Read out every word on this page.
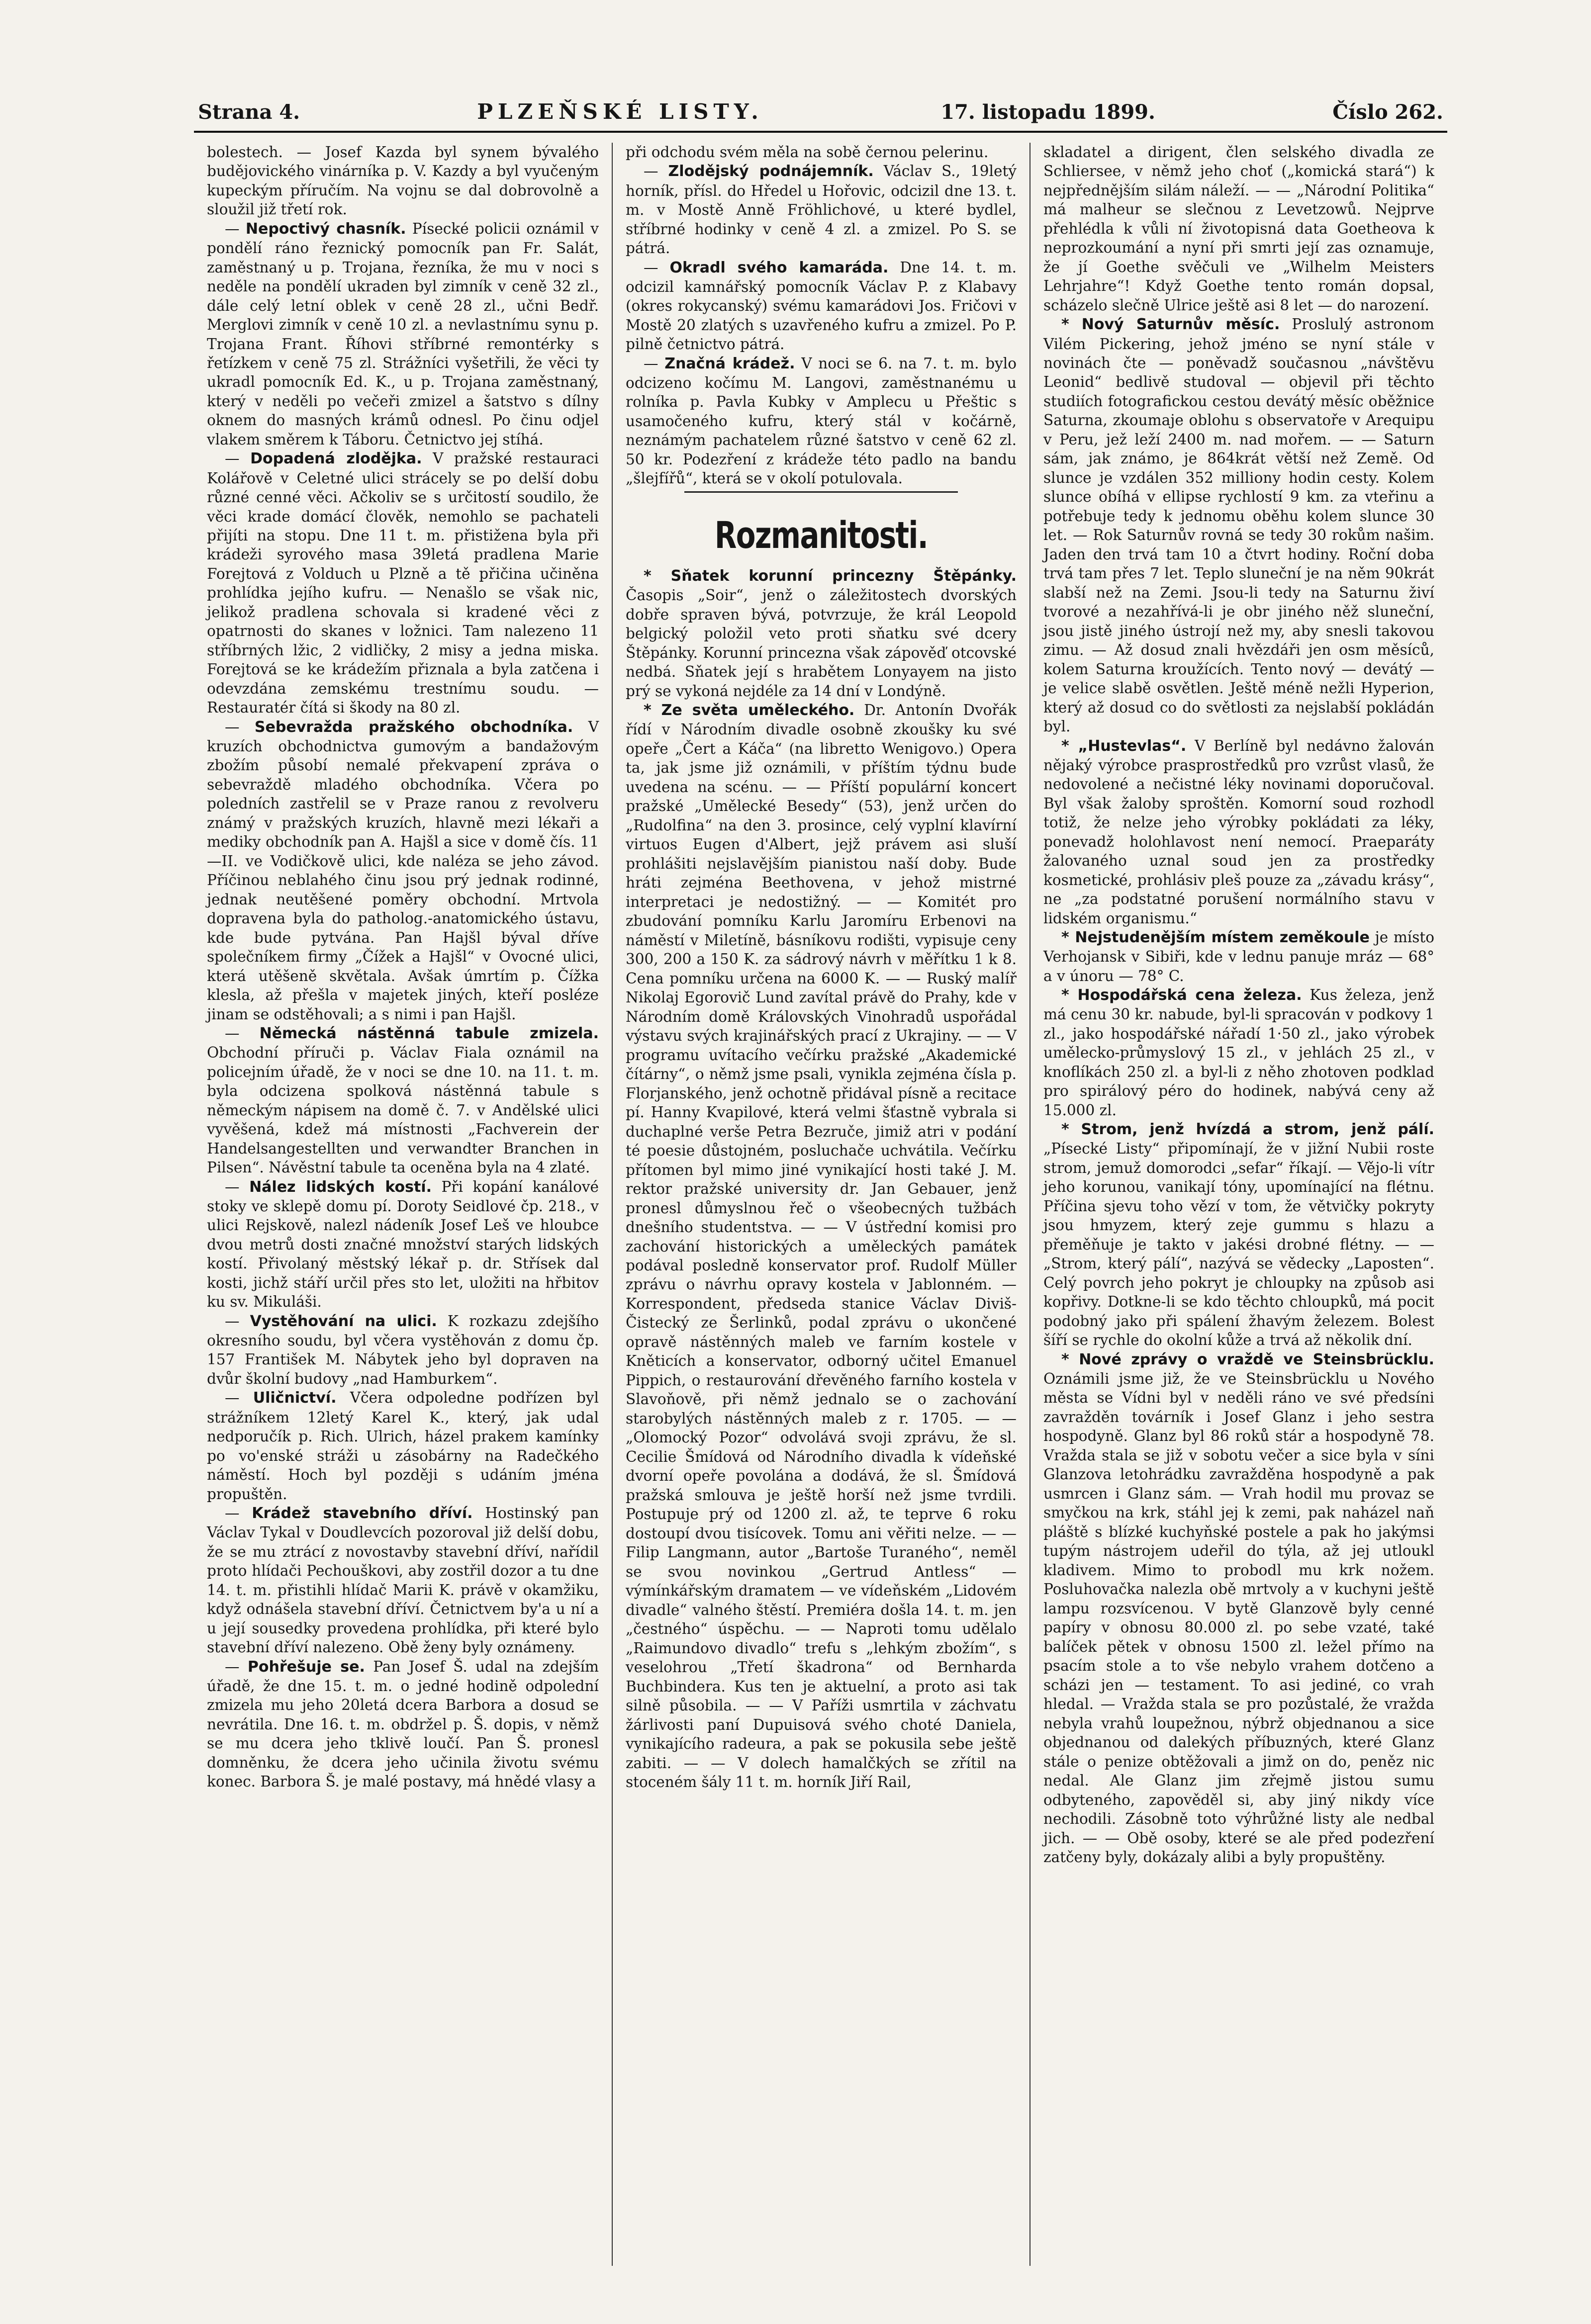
Strana 4.	PLZEŇSKÉ LISTY.	17. listopadu 1899.	Číslo 262.

bolestech. — Josef Kazda byl synem bývalého budějovického vinárníka p. V. Kazdy a byl vyučeným kupeckým příručím. Na vojnu se dal dobrovolně a sloužil již třetí rok.

— Nepoctivý chasník. Písecké policii oznámil v pondělí ráno řeznický pomocník pan Fr. Salát, zaměstnaný u p. Trojana, řezníka, že mu v noci s neděle na pondělí ukraden byl zimník v ceně 32 zl., dále celý letní oblek v ceně 28 zl., učni Bedř. Merglovi zimník v ceně 10 zl. a nevlastnímu synu p. Trojana Frant. Říhovi stříbrné remontérky s řetízkem v ceně 75 zl. Strážníci vyšetřili, že věci ty ukradl pomocník Ed. K., u p. Trojana zaměstnaný, který v neděli po večeři zmizel a šatstvo s dílny oknem do masných krámů odnesl. Po činu odjel vlakem směrem k Táboru. Četnictvo jej stíhá.

— Dopadená zlodějka. V pražské restauraci Kolářově v Celetné ulici strácely se po delší dobu různé cenné věci. Ačkoliv se s určitostí soudilo, že věci krade domácí člověk, nemohlo se pachateli přijíti na stopu. Dne 11 t. m. přistižena byla při krádeži syrového masa 39letá pradlena Marie Forejtová z Volduch u Plzně a tě přičina učiněna prohlídka jejího kufru. — Nenašlo se však nic, jelikož pradlena schovala si kradené věci z opatrnosti do skanes v ložnici. Tam nalezeno 11 stříbrných lžic, 2 vidličky, 2 misy a jedna miska. Forejtová se ke krádežím přiznala a byla zatčena i odevzdána zemskému trestnímu soudu. — Restauratér čítá si škody na 80 zl.

— Sebevražda pražského obchodníka. V kruzích obchodnictva gumovým a bandažovým zbožím působí nemalé překvapení zpráva o sebevraždě mladého obchodníka. Včera po poledních zastřelil se v Praze ranou z revolveru známý v pražských kruzích, hlavně mezi lékaři a mediky obchodník pan A. Hajšl a sice v domě čís. 11—II. ve Vodičkově ulici, kde naléza se jeho závod. Příčinou neblahého činu jsou prý jednak rodinné, jednak neutěšené poměry obchodní. Mrtvola dopravena byla do patholog.-anatomického ústavu, kde bude pytvána. Pan Hajšl býval dříve společníkem firmy „Čížek a Hajšl“ v Ovocné ulici, která utěšeně skvětala. Avšak úmrtím p. Čížka klesla, až přešla v majetek jiných, kteří posléze jinam se odstěhovali; a s nimi i pan Hajšl.

— Německá nástěnná tabule zmizela. Obchodní příruči p. Václav Fiala oznámil na policejním úřadě, že v noci se dne 10. na 11. t. m. byla odcizena spolková nástěnná tabule s německým nápisem na domě č. 7. v Andělské ulici vyvěšená, kdež má místnosti „Fachverein der Handelsangestellten und verwandter Branchen in Pilsen“. Návěstní tabule ta oceněna byla na 4 zlaté.

— Nález lidských kostí. Při kopání kanálové stoky ve sklepě domu pí. Doroty Seidlové čp. 218., v ulici Rejskově, nalezl nádeník Josef Leš ve hloubce dvou metrů dosti značné množství starých lidských kostí. Přivolaný městský lékař p. dr. Střísek dal kosti, jichž stáří určil přes sto let, uložiti na hřbitov ku sv. Mikuláši.

— Vystěhování na ulici. K rozkazu zdejšího okresního soudu, byl včera vystěhován z domu čp. 157 František M. Nábytek jeho byl dopraven na dvůr školní budovy „nad Hamburkem“.

— Uličnictví. Včera odpoledne podřízen byl strážníkem 12letý Karel K., který, jak udal nedporučík p. Rich. Ulrich, házel prakem kamínky po vo'enské stráži u zásobárny na Radečkého náměstí. Hoch byl později s udáním jména propuštěn.

— Krádež stavebního dříví. Hostinský pan Václav Tykal v Doudlevcích pozoroval již delší dobu, že se mu ztrácí z novostavby stavební dříví, nařídil proto hlídači Pechouškovi, aby zostřil dozor a tu dne 14. t. m. přistihli hlídač Marii K. právě v okamžiku, když odnášela stavební dříví. Četnictvem by'a u ní a u její sousedky provedena prohlídka, při které bylo stavební dříví nalezeno. Obě ženy byly oznámeny.

— Pohřešuje se. Pan Josef Š. udal na zdejším úřadě, že dne 15. t. m. o jedné hodině odpolední zmizela mu jeho 20letá dcera Barbora a dosud se nevrátila. Dne 16. t. m. obdržel p. Š. dopis, v němž se mu dcera jeho tklivě loučí. Pan Š. pronesl domněnku, že dcera jeho učinila životu svému konec. Barbora Š. je malé postavy, má hnědé vlasy a

při odchodu svém měla na sobě černou pelerinu.

— Zlodějský podnájemník. Václav S., 19letý horník, přísl. do Hředel u Hořovic, odcizil dne 13. t. m. v Mostě Anně Fröhlichové, u které bydlel, stříbrné hodinky v ceně 4 zl. a zmizel. Po S. se pátrá.

— Okradl svého kamaráda. Dne 14. t. m. odcizil kamnářský pomocník Václav P. z Klabavy (okres rokycanský) svému kamarádovi Jos. Fričovi v Mostě 20 zlatých s uzavřeného kufru a zmizel. Po P. pilně četnictvo pátrá.

— Značná krádež. V noci se 6. na 7. t. m. bylo odcizeno kočímu M. Langovi, zaměstnanému u rolníka p. Pavla Kubky v Amplecu u Přeštic s usamočeného kufru, který stál v kočárně, neznámým pachatelem různé šatstvo v ceně 62 zl. 50 kr. Podezření z krádeže této padlo na bandu „šlejfířů“, která se v okolí potulovala.

Rozmanitosti.

* Sňatek korunní princezny Štěpánky. Časopis „Soir“, jenž o záležitostech dvorských dobře spraven bývá, potvrzuje, že král Leopold belgický položil veto proti sňatku své dcery Štěpánky. Korunní princezna však zápověď otcovské nedbá. Sňatek její s hrabětem Lonyayem na jisto prý se vykoná nejdéle za 14 dní v Londýně.

* Ze světa uměleckého. Dr. Antonín Dvořák řídí v Národním divadle osobně zkoušky ku své opeře „Čert a Káča“ (na libretto Wenigovo.) Opera ta, jak jsme již oznámili, v příštím týdnu bude uvedena na scénu. — — Příští populární koncert pražské „Umělecké Besedy“ (53), jenž určen do „Rudolfina“ na den 3. prosince, celý vyplní klavírní virtuos Eugen d'Albert, jejž právem asi sluší prohlášiti nejslavějším pianistou naší doby. Bude hráti zejména Beethovena, v jehož mistrné interpretaci je nedostižný. — — Komitét pro zbudování pomníku Karlu Jaromíru Erbenovi na náměstí v Miletíně, básníkovu rodišti, vypisuje ceny 300, 200 a 150 K. za sádrový návrh v měřítku 1 k 8. Cena pomníku určena na 6000 K. — — Ruský malíř Nikolaj Egorovič Lund zavítal právě do Prahy, kde v Národním domě Královských Vinohradů uspořádal výstavu svých krajinářských prací z Ukrajiny. — — V programu uvítacího večírku pražské „Akademické čítárny“, o němž jsme psali, vynikla zejména čísla p. Florjanského, jenž ochotně přidával písně a recitace pí. Hanny Kvapilové, která velmi šťastně vybrala si duchaplné verše Petra Bezruče, jimiž atri v podání té poesie důstojném, posluchače uchvátila. Večírku přítomen byl mimo jiné vynikající hosti také J. M. rektor pražské university dr. Jan Gebauer, jenž pronesl důmyslnou řeč o všeobecných tužbách dnešního studentstva. — — V ústřední komisi pro zachování historických a uměleckých památek podával posledně konservator prof. Rudolf Müller zprávu o návrhu opravy kostela v Jablonném. — Korrespondent, předseda stanice Václav Diviš-Čistecký ze Šerlinků, podal zprávu o ukončené opravě nástěnných maleb ve farním kostele v Kněticích a konservator, odborný učitel Emanuel Pippich, o restaurování dřevěného farního kostela v Slavoňově, při němž jednalo se o zachování starobylých nástěnných maleb z r. 1705. — — „Olomocký Pozor“ odvolává svoji zprávu, že sl. Cecilie Šmídová od Národního divadla k vídeňské dvorní opeře povolána a dodává, že sl. Šmídová pražská smlouva je ještě horší než jsme tvrdili. Postupuje prý od 1200 zl. až, te teprve 6 roku dostoupí dvou tisícovek. Tomu ani věřiti nelze. — — Filip Langmann, autor „Bartoše Turaného“, neměl se svou novinkou „Gertrud Antless“ — výmínkářským dramatem — ve vídeňském „Lidovém divadle“ valného štěstí. Premiéra došla 14. t. m. jen „čestného“ úspěchu. — — Naproti tomu udělalo „Raimundovo divadlo“ trefu s „lehkým zbožím“, s veselohrou „Třetí škadrona“ od Bernharda Buchbindera. Kus ten je aktuelní, a proto asi tak silně působila. — — V Paříži usmrtila v záchvatu žárlivosti paní Dupuisová svého choté Daniela, vynikajícího radeura, a pak se pokusila sebe ještě zabiti. — — V dolech hamalčkých se zřítil na stoceném šály 11 t. m. horník Jiří Rail,

skladatel a dirigent, člen selského divadla ze Schliersee, v němž jeho choť („komická stará“) k nejpřednějším silám náleží. — — „Národní Politika“ má malheur se slečnou z Levetzowů. Nejprve přehlédla k vůli ní životopisná data Goetheova k neprozkoumání a nyní při smrti její zas oznamuje, že jí Goethe svěčuli ve „Wilhelm Meisters Lehrjahre“! Když Goethe tento román dopsal, scházelo slečně Ulrice ještě asi 8 let — do narození.

* Nový Saturnův měsíc. Proslulý astronom Vilém Pickering, jehož jméno se nyní stále v novinách čte — poněvadž současnou „návštěvu Leonid“ bedlivě studoval — objevil při těchto studiích fotografickou cestou devátý měsíc oběžnice Saturna, zkoumaje oblohu s observatoře v Arequipu v Peru, jež leží 2400 m. nad mořem. — — Saturn sám, jak známo, je 864krát větší než Země. Od slunce je vzdálen 352 milliony hodin cesty. Kolem slunce obíhá v ellipse rychlostí 9 km. za vteřinu a potřebuje tedy k jednomu oběhu kolem slunce 30 let. — Rok Saturnův rovná se tedy 30 rokům našim. Jaden den trvá tam 10 a čtvrt hodiny. Roční doba trvá tam přes 7 let. Teplo sluneční je na něm 90krát slabší než na Zemi. Jsou-li tedy na Saturnu živí tvorové a nezahřívá-li je obr jiného něž sluneční, jsou jistě jiného ústrojí než my, aby snesli takovou zimu. — Až dosud znali hvězdáři jen osm měsíců, kolem Saturna kroužících. Tento nový — devátý — je velice slabě osvětlen. Ještě méně nežli Hyperion, který až dosud co do světlosti za nejslabší pokládán byl.

* „Hustevlas“. V Berlíně byl nedávno žalován nějaký výrobce prasprostředků pro vzrůst vlasů, že nedovolené a nečistné léky novinami doporučoval. Byl však žaloby sproštěn. Komorní soud rozhodl totiž, že nelze jeho výrobky pokládati za léky, ponevadž holohlavost není nemocí. Praeparáty žalovaného uznal soud jen za prostředky kosmetické, prohlásiv pleš pouze za „závadu krásy“, ne „za podstatné porušení normálního stavu v lidském organismu.“

* Nejstudenějším místem zeměkoule je místo Verhojansk v Sibiři, kde v lednu panuje mráz — 68° a v únoru — 78° C.

* Hospodářská cena železa. Kus železa, jenž má cenu 30 kr. nabude, byl-li spracován v podkovy 1 zl., jako hospodářské nářadí 1·50 zl., jako výrobek umělecko-průmyslový 15 zl., v jehlách 25 zl., v knoflíkách 250 zl. a byl-li z něho zhotoven podklad pro spirálový péro do hodinek, nabývá ceny až 15.000 zl.

* Strom, jenž hvízdá a strom, jenž pálí. „Písecké Listy“ připomínají, že v jižní Nubii roste strom, jemuž domorodci „sefar“ říkají. — Vějo-li vítr jeho korunou, vanikají tóny, upomínající na flétnu. Příčina sjevu toho vězí v tom, že větvičky pokryty jsou hmyzem, který zeje gummu s hlazu a přeměňuje je takto v jakési drobné flétny. — — „Strom, který pálí“, nazývá se vědecky „Laposten“. Celý povrch jeho pokryt je chloupky na způsob asi kopřivy. Dotkne-li se kdo těchto chloupků, má pocit podobný jako při spálení žhavým železem. Bolest šíří se rychle do okolní kůže a trvá až několik dní.

* Nové zprávy o vraždě ve Steinsbrücklu. Oznámili jsme již, že ve Steinsbrücklu u Nového města se Vídni byl v neděli ráno ve své předsíni zavražděn továrník i Josef Glanz i jeho sestra hospodyně. Glanz byl 86 roků stár a hospodyně 78. Vražda stala se již v sobotu večer a sice byla v síni Glanzova letohrádku zavražděna hospodyně a pak usmrcen i Glanz sám. — Vrah hodil mu provaz se smyčkou na krk, stáhl jej k zemi, pak naházel naň pláště s blízké kuchyňské postele a pak ho jakýmsi tupým nástrojem udeřil do týla, až jej utloukl kladivem. Mimo to probodl mu krk nožem. Posluhovačka nalezla obě mrtvoly a v kuchyni ještě lampu rozsvícenou. V bytě Glanzově byly cenné papíry v obnosu 80.000 zl. po sebe vzaté, také balíček pětek v obnosu 1500 zl. ležel přímo na psacím stole a to vše nebylo vrahem dotčeno a scházi jen — testament. To asi jediné, co vrah hledal. — Vražda stala se pro pozůstalé, že vražda nebyla vrahů loupežnou, nýbrž objednanou a sice objednanou od dalekých příbuzných, které Glanz stále o penize obtěžovali a jimž on do, peněz nic nedal. Ale Glanz jim zřejmě jistou sumu odbyteného, zapověděl si, aby jiný nikdy více nechodili. Zásobně toto výhrůžné listy ale nedbal jich. — — Obě osoby, které se ale před podezření zatčeny byly, dokázaly alibi a byly propuštěny.
